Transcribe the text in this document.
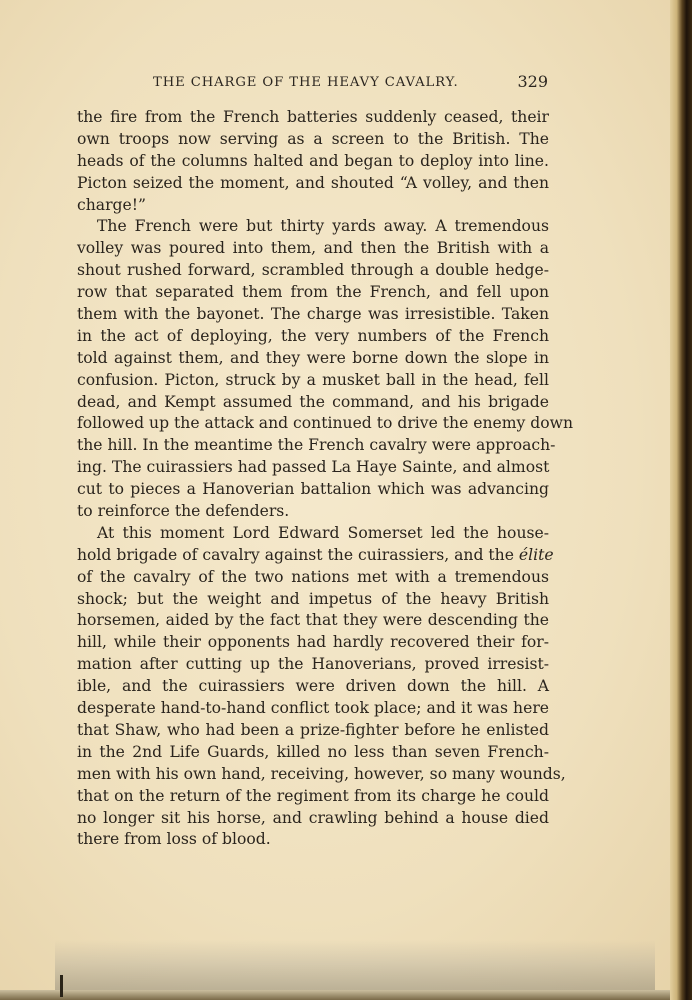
THE CHARGE OF THE HEAVY CAVALRY.	329
the fire from the French batteries suddenly ceased, their
own troops now serving as a screen to the British. The
heads of the columns halted and began to deploy into line.
Picton seized the moment, and shouted “A volley, and then
charge!”
The French were but thirty yards away. A tremendous
volley was poured into them, and then the British with a
shout rushed forward, scrambled through a double hedge-
row that separated them from the French, and fell upon
them with the bayonet. The charge was irresistible. Taken
in the act of deploying, the very numbers of the French
told against them, and they were borne down the slope in
confusion. Picton, struck by a musket ball in the head, fell
dead, and Kempt assumed the command, and his brigade
followed up the attack and continued to drive the enemy down
the hill. In the meantime the French cavalry were approach-
ing. The cuirassiers had passed La Haye Sainte, and almost
cut to pieces a Hanoverian battalion which was advancing
to reinforce the defenders.
At this moment Lord Edward Somerset led the house-
hold brigade of cavalry against the cuirassiers, and the élite
of the cavalry of the two nations met with a tremendous
shock; but the weight and impetus of the heavy British
horsemen, aided by the fact that they were descending the
hill, while their opponents had hardly recovered their for-
mation after cutting up the Hanoverians, proved irresist-
ible, and the cuirassiers were driven down the hill. A
desperate hand-to-hand conflict took place; and it was here
that Shaw, who had been a prize-fighter before he enlisted
in the 2nd Life Guards, killed no less than seven French-
men with his own hand, receiving, however, so many wounds,
that on the return of the regiment from its charge he could
no longer sit his horse, and crawling behind a house died
there from loss of blood.
